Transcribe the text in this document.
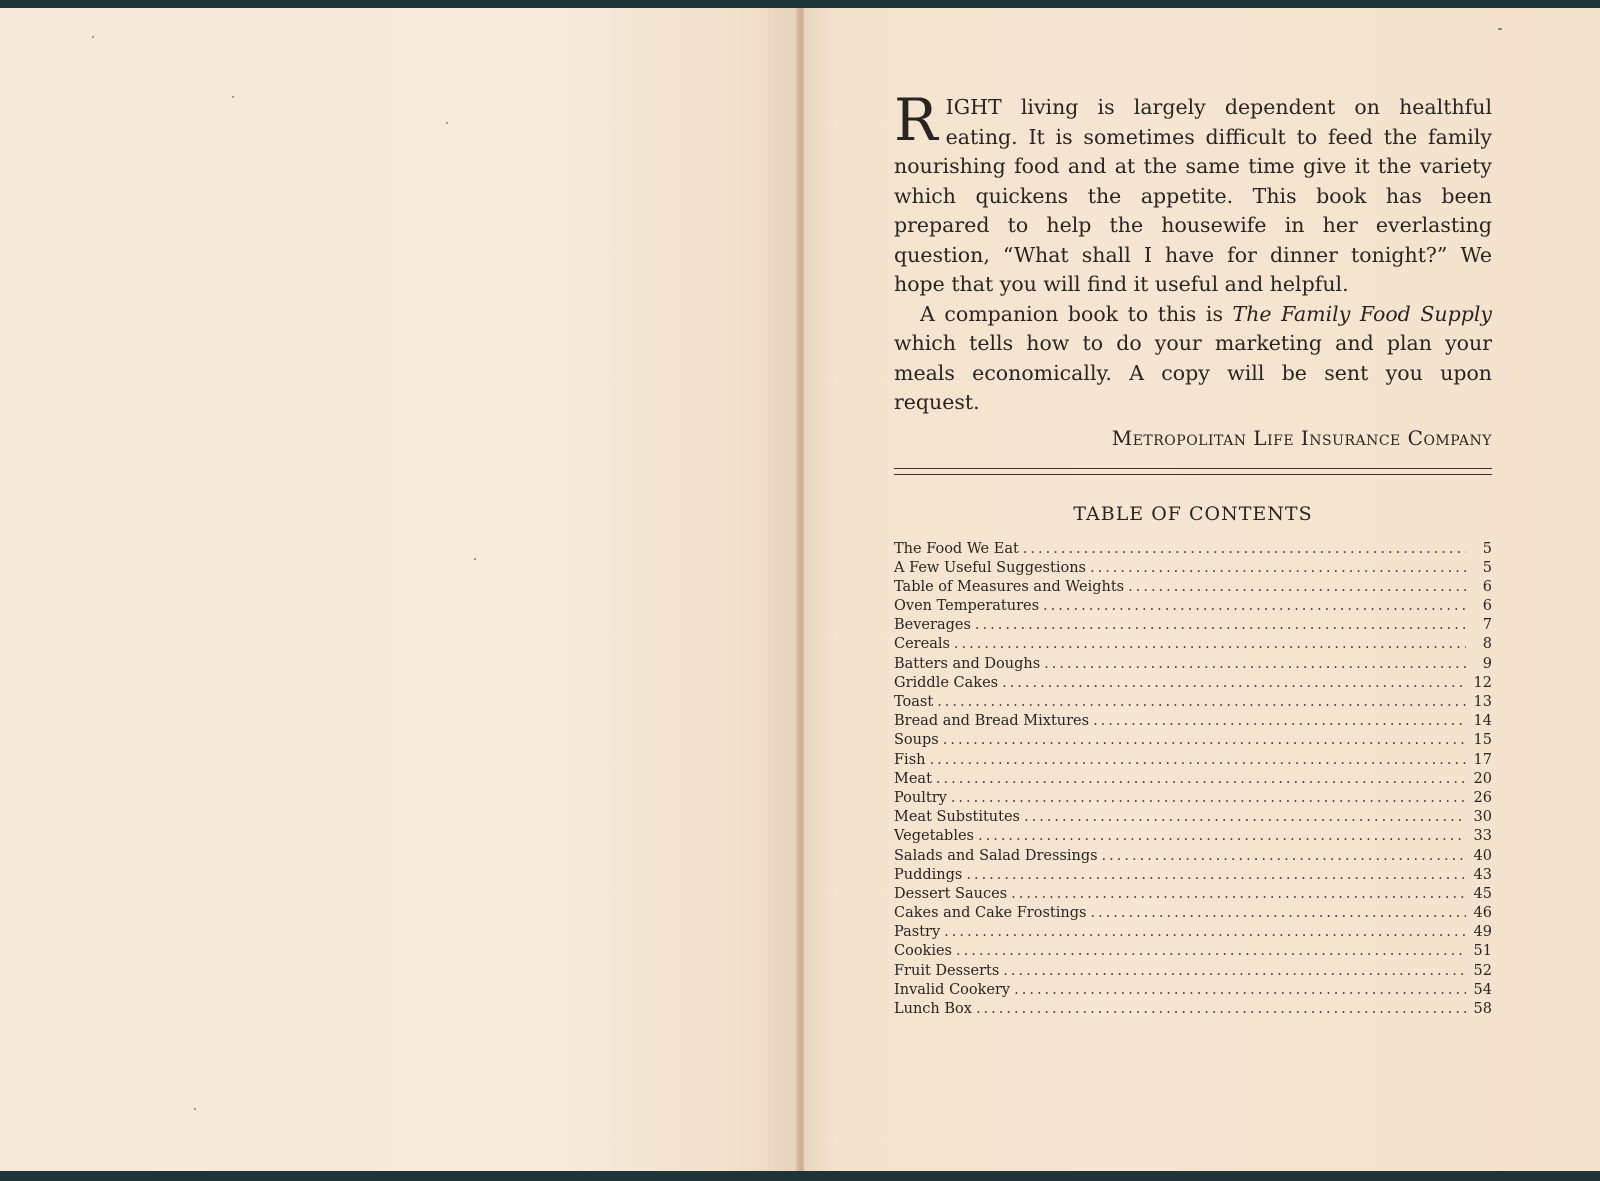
RIGHT living is largely dependent on healthful eating. It is sometimes difficult to feed the family nourishing food and at the same time give it the variety which quickens the appetite. This book has been prepared to help the housewife in her everlasting question, “What shall I have for dinner tonight?” We hope that you will find it useful and helpful.

A companion book to this is The Family Food Supply which tells how to do your marketing and plan your meals economically. A copy will be sent you upon request.

Metropolitan Life Insurance Company
TABLE OF CONTENTS
The Food We Eat .....	5
A Few Useful Suggestions .....	5
Table of Measures and Weights .....	6
Oven Temperatures .....	6
Beverages .....	7
Cereals .....	8
Batters and Doughs .....	9
Griddle Cakes .....	12
Toast .....	13
Bread and Bread Mixtures .....	14
Soups .....	15
Fish .....	17
Meat .....	20
Poultry .....	26
Meat Substitutes .....	30
Vegetables .....	33
Salads and Salad Dressings .....	40
Puddings .....	43
Dessert Sauces .....	45
Cakes and Cake Frostings .....	46
Pastry .....	49
Cookies .....	51
Fruit Desserts .....	52
Invalid Cookery .....	54
Lunch Box .....	58
